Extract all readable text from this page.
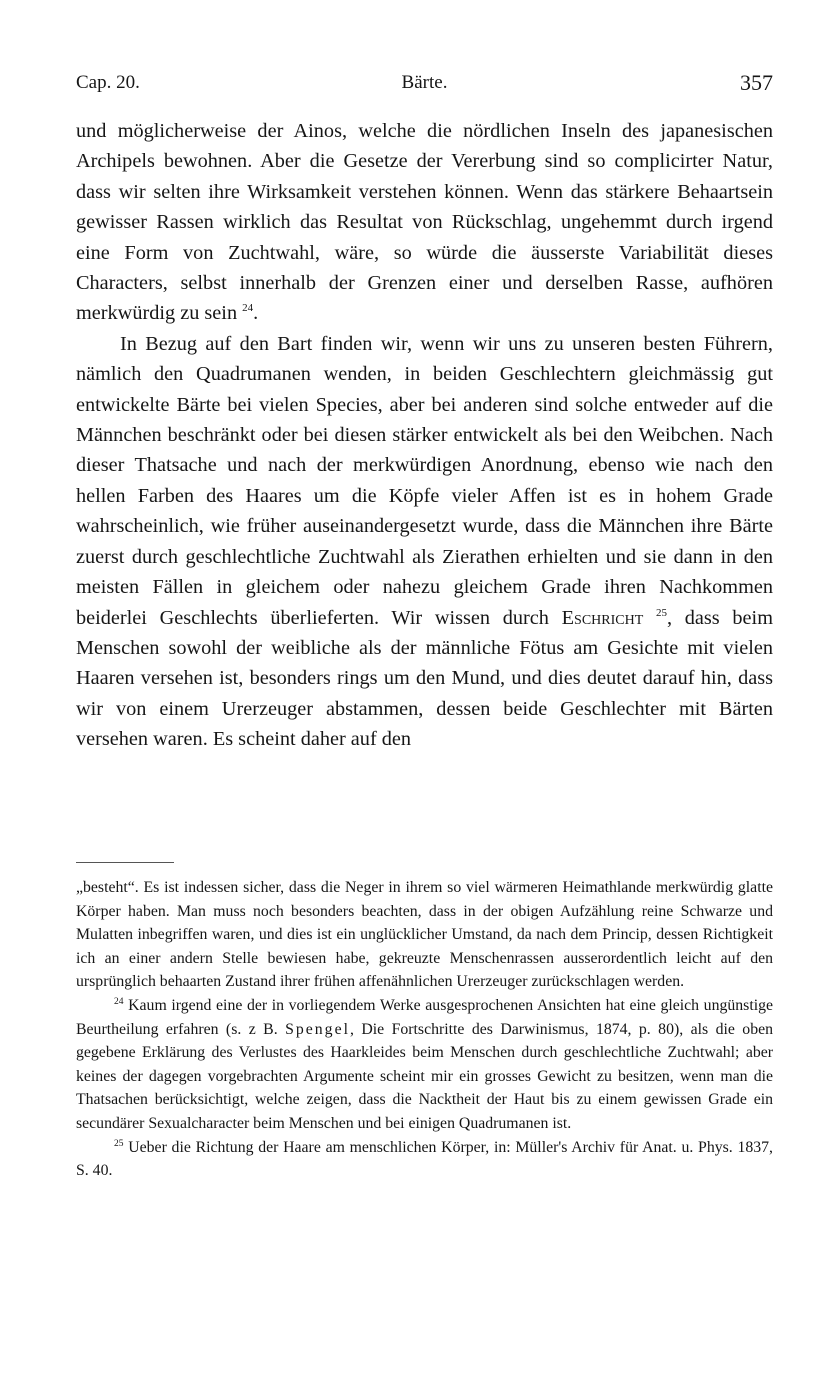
Cap. 20.	Bärte.	357

und möglicherweise der Ainos, welche die nördlichen Inseln des japanesischen Archipels bewohnen. Aber die Gesetze der Vererbung sind so complicirter Natur, dass wir selten ihre Wirksamkeit verstehen können. Wenn das stärkere Behaartsein gewisser Rassen wirklich das Resultat von Rückschlag, ungehemmt durch irgend eine Form von Zuchtwahl, wäre, so würde die äusserste Variabilität dieses Characters, selbst innerhalb der Grenzen einer und derselben Rasse, aufhören merkwürdig zu sein $^{24}$.

In Bezug auf den Bart finden wir, wenn wir uns zu unseren besten Führern, nämlich den Quadrumanen wenden, in beiden Geschlechtern gleichmässig gut entwickelte Bärte bei vielen Species, aber bei anderen sind solche entweder auf die Männchen beschränkt oder bei diesen stärker entwickelt als bei den Weibchen. Nach dieser Thatsache und nach der merkwürdigen Anordnung, ebenso wie nach den hellen Farben des Haares um die Köpfe vieler Affen ist es in hohem Grade wahrscheinlich, wie früher auseinandergesetzt wurde, dass die Männchen ihre Bärte zuerst durch geschlechtliche Zuchtwahl als Zierathen erhielten und sie dann in den meisten Fällen in gleichem oder nahezu gleichem Grade ihren Nachkommen beiderlei Geschlechts überlieferten. Wir wissen durch Eschricht $^{25}$, dass beim Menschen sowohl der weibliche als der männliche Fötus am Gesichte mit vielen Haaren versehen ist, besonders rings um den Mund, und dies deutet darauf hin, dass wir von einem Urerzeuger abstammen, dessen beide Geschlechter mit Bärten versehen waren. Es scheint daher auf den

„besteht“. Es ist indessen sicher, dass die Neger in ihrem so viel wärmeren Heimathlande merkwürdig glatte Körper haben. Man muss noch besonders beachten, dass in der obigen Aufzählung reine Schwarze und Mulatten inbegriffen waren, und dies ist ein unglücklicher Umstand, da nach dem Princip, dessen Richtigkeit ich an einer andern Stelle bewiesen habe, gekreuzte Menschenrassen ausserordentlich leicht auf den ursprünglich behaarten Zustand ihrer frühen affenähnlichen Urerzeuger zurückschlagen werden.

$^{24}$ Kaum irgend eine der in vorliegendem Werke ausgesprochenen Ansichten hat eine gleich ungünstige Beurtheilung erfahren (s. z B. Spengel, Die Fortschritte des Darwinismus, 1874, p. 80), als die oben gegebene Erklärung des Verlustes des Haarkleides beim Menschen durch geschlechtliche Zuchtwahl; aber keines der dagegen vorgebrachten Argumente scheint mir ein grosses Gewicht zu besitzen, wenn man die Thatsachen berücksichtigt, welche zeigen, dass die Nacktheit der Haut bis zu einem gewissen Grade ein secundärer Sexualcharacter beim Menschen und bei einigen Quadrumanen ist.

$^{25}$ Ueber die Richtung der Haare am menschlichen Körper, in: Müller's Archiv für Anat. u. Phys. 1837, S. 40.
